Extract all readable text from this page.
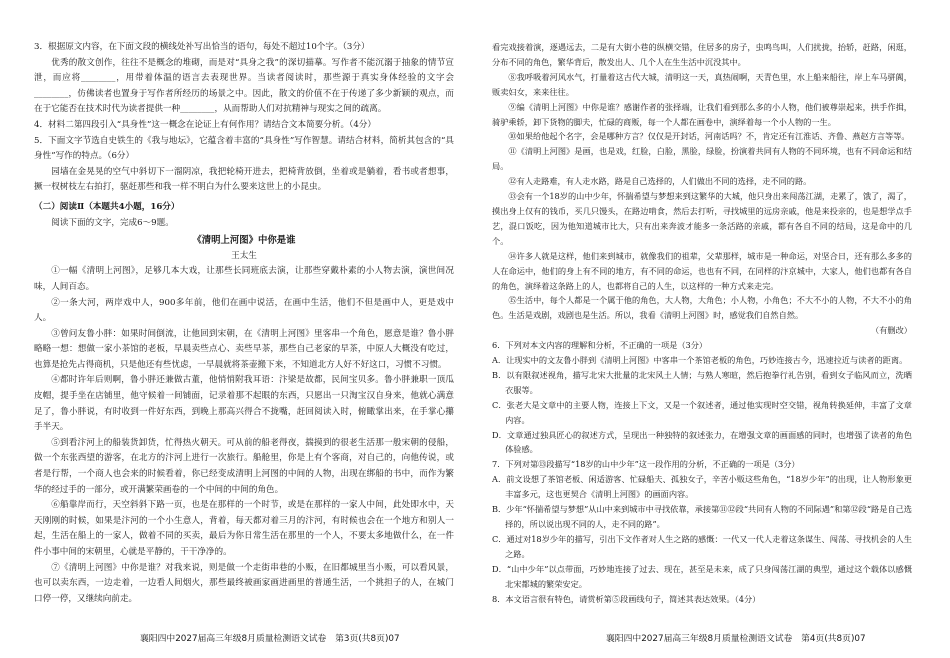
3．根据原文内容，在下面文段的横线处补写出恰当的语句，每处不超过10个字。（3分）

优秀的散文创作，往往不是概念的堆砌，而是对“具身之我”的深切描摹。写作者不能沉溺于抽象的情节宣泄，而应将________，用带着体温的语言去表现世界。当读者阅读时，那些源于真实身体经验的文字会________，仿佛读者也置身于写作者所经历的场景之中。因此，散文的价值不在于传递了多少新颖的观点，而在于它能否在技术时代为读者提供一种________，从而帮助人们对抗精神与现实之间的疏离。

4．材料二第四段引入“具身性”这一概念在论证上有何作用？请结合文本简要分析。（4分）

5．下面文字节选自史铁生的《我与地坛》，它蕴含着丰富的“具身性”写作智慧。请结合材料，简析其包含的“具身性”写作的特点。（6分）

园墙在金晃晃的空气中斜切下一溜阴凉，我把轮椅开进去，把椅背放倒，坐着或是躺着，看书或者想事，撅一杈树枝左右拍打，驱赶那些和我一样不明白为什么要来这世上的小昆虫。

（二）阅读Ⅱ（本题共4小题，16分）

阅读下面的文字，完成6～9题。

《清明上河图》中你是谁

王太生

①一幅《清明上河图》，足够几本大戏，让那些长同班底去演，让那些穿戴朴素的小人物去演，演世间况味，人间百态。

②一条大河，两岸戏中人，900多年前，他们在画中说活，在画中生活，他们不但是画中人，更是戏中人。

③曾问友鲁小胖：如果时间倒流，让他回到宋朝，在《清明上河图》里客串一个角色，愿意是谁？鲁小胖略略一想：想做一家小茶馆的老板，早晨卖些点心、卖些早茶，那些自己老家的早茶，中原人大概没有吃过，也算是抢先占得商机，只是他还有些忧虑，一早晨就将茶壶搬下来，不知道北方人好不好这口，习惯不习惯。

④都时许年后则啊，鲁小胖还兼做古董，他悄悄附我耳语：汴梁是故都，民间宝贝多。鲁小胖兼职一顶瓜皮帽，提手坐在店铺里，他守候着一间铺面，记录着那不起眼的东西，只愿出一只淘宝汉自身来，他就心满意足了，鲁小胖说，有时收到一件好东西，到晚上那高兴得合不拢嘴，赶回阅读入时，俯瞰掌出来，在手掌心攥手半天。

⑤到看汴河上的船装货卸货，忙得热火朝天。可从前的船老得夜，揣摸到的很老生活那一般宋朝的侵船，做一个东张西望的游客，在北方的汴河上进行一次旅行。船舱里，你是上有个客商，对自己的，向他传说，或者是行帮，一个商人也会来的时候看着，你已经变成清明上河图的中间的人物，出现在绑船的书中，而作为繁华的经过手的一部分，或开满繁荣画卷的一个中间的中间的角色。

⑥船靠岸而行，天空斜斜下路一页，也是在那样的一个时节，或是在那样的一家人中间，此处即水中，天天刚刚的时候，如果是汴河的一个小生意人，背着，每天都对着三月的汴河，有时候也会在一个地方和别人一起，生活在船上的一家人，做着不同的买卖，最后为你日常生活在那里的一个人，不要太多地做什么，在一件件小事中间的宋朝里，心就是平静的，干干净净的。

⑦《清明上河图》中你是谁？对我来说，则是做一个走街串巷的小贩，在旧都城里当小贩，可以看风景，也可以卖东西，一边走着，一边看人间烟火，那些最终被画家画进画里的普通生活，一个挑担子的人，在城门口停一停，又继续向前走。

看完戏接着演，逐遇远去，二是有大街小巷的纵横交错，住居多的房子，虫鸣鸟叫，人们扰拢，抬轿，赶路，闲逛，分布不同的角色，繁华背后，散发出人、几个人在生生活中沉没其中。

⑧我呼吸着河风水气，打量着这古代大城，清明这一天，真热闹啊，天青色里，水上船来船往，岸上车马骈阗，贩卖妇女，来来往往。

⑨编《清明上河图》中你是谁？感谢作者的张择端，让我们看到那么多的小人物，他们被尊崇起来，拱手作揖，骑驴乘轿，卸下货物的脚夫，忙碌的商贩，每一个人都在画卷中，演绎着每一个小人物的一生。

⑩如果给他起个名字，会是哪种方言？仅仅是开封话，河南话吗？不，肯定还有江淮话、齐鲁、燕赵方言等等。

⑪《清明上河图》是画，也是戏，红脸，白脸，黑脸，绿脸，扮演着共同有人物的不同环境，也有不同命运和结局。

⑫有人走路难，有人走水路，路是自己选择的，人们做出不同的选择，走不同的路。

⑬会有一个18岁的山中少年，怀揣希望与梦想来到这繁华的大城，他只身出来闯荡江湖，走累了，饿了，渴了，摸出身上仅有的钱币，买几只馒头，在路边啃食，然后去打听，寻找城里的远房亲戚，他是来投亲的，也是想学点手艺，混口饭吃，因为他知道城市比大，只有出来奔波才能多一条活路的亲戚，都有各自不同的结局，这是命中的几个。

⑭许多人就是这样，他们来到城市，就像我们的祖辈，父辈那样，城市是一种命运，对坚合日，还有那么多多的人在命运中，他们的身上有不同的地方，有不同的命运，也也有不同，在同样的汴京城中，大家人，他们也都有各自的角色，演绎着这条路上的人，也都将自己的人生，以这样的一种方式来走完。

⑮生活中，每个人都是一个属于他的角色，大人物，大角色；小人物，小角色；不大不小的人物，不大不小的角色。生活是戏剧，戏剧也是生活。所以，我看《清明上河图》时，感觉我们自然自然。

（有删改）

6．下列对本文内容的理解和分析，不正确的一项是（3分）

A．让现实中的文友鲁小胖到《清明上河图》中客串一个茶馆老板的角色，巧妙连接古今，迅速拉近与读者的距离。

B．以有限叙述视角，描写北宋大批量的北宋风土人情；与熟人寒暄，然后抱拳行礼告别，看到女子临风而立，洗晒衣服等。

C．张老大是文章中的主要人物，连接上下文，又是一个叙述者，通过他实现时空交错，视角转换延伸，丰富了文章内容。

D．文章通过独具匠心的叙述方式，呈现出一种独特的叙述张力，在增强文章的画面感的同时，也增强了读者的角色体验感。

7．下列对第⑬段描写“18岁的山中少年”这一段作用的分析，不正确的一项是（3分）

A．前文设想了茶馆老板、闲适游客、忙碌船夫、孤独女子，辛苦小贩这些角色，“18岁少年”的出现，让人物形象更丰富多元，这也更契合《清明上河图》的画面内容。

B．少年“怀揣希望与梦想”从山中来到城市中寻找依靠，承接第⑪⑫段“共同有人物的不同际遇”和第⑫段“路是自己选择的，所以说出现不同的人，走不同的路”。

C．通过对18岁少年的描写，引出下文作者对人生之路的感慨：一代又一代人走着这条谋生、闯荡、寻找机会的人生之路。

D．“山中少年”以点带面，巧妙地连接了过去、现在，甚至是未来，成了只身闯荡江湖的典型，通过这个载体以感慨北宋都城的繁荣安定。

8．本文语言很有特色，请赏析第⑤段画线句子，简述其表达效果。（4分）

襄阳四中2027届高三年级8月质量检测语文试卷　第3页(共8页)07	襄阳四中2027届高三年级8月质量检测语文试卷　第4页(共8页)07
